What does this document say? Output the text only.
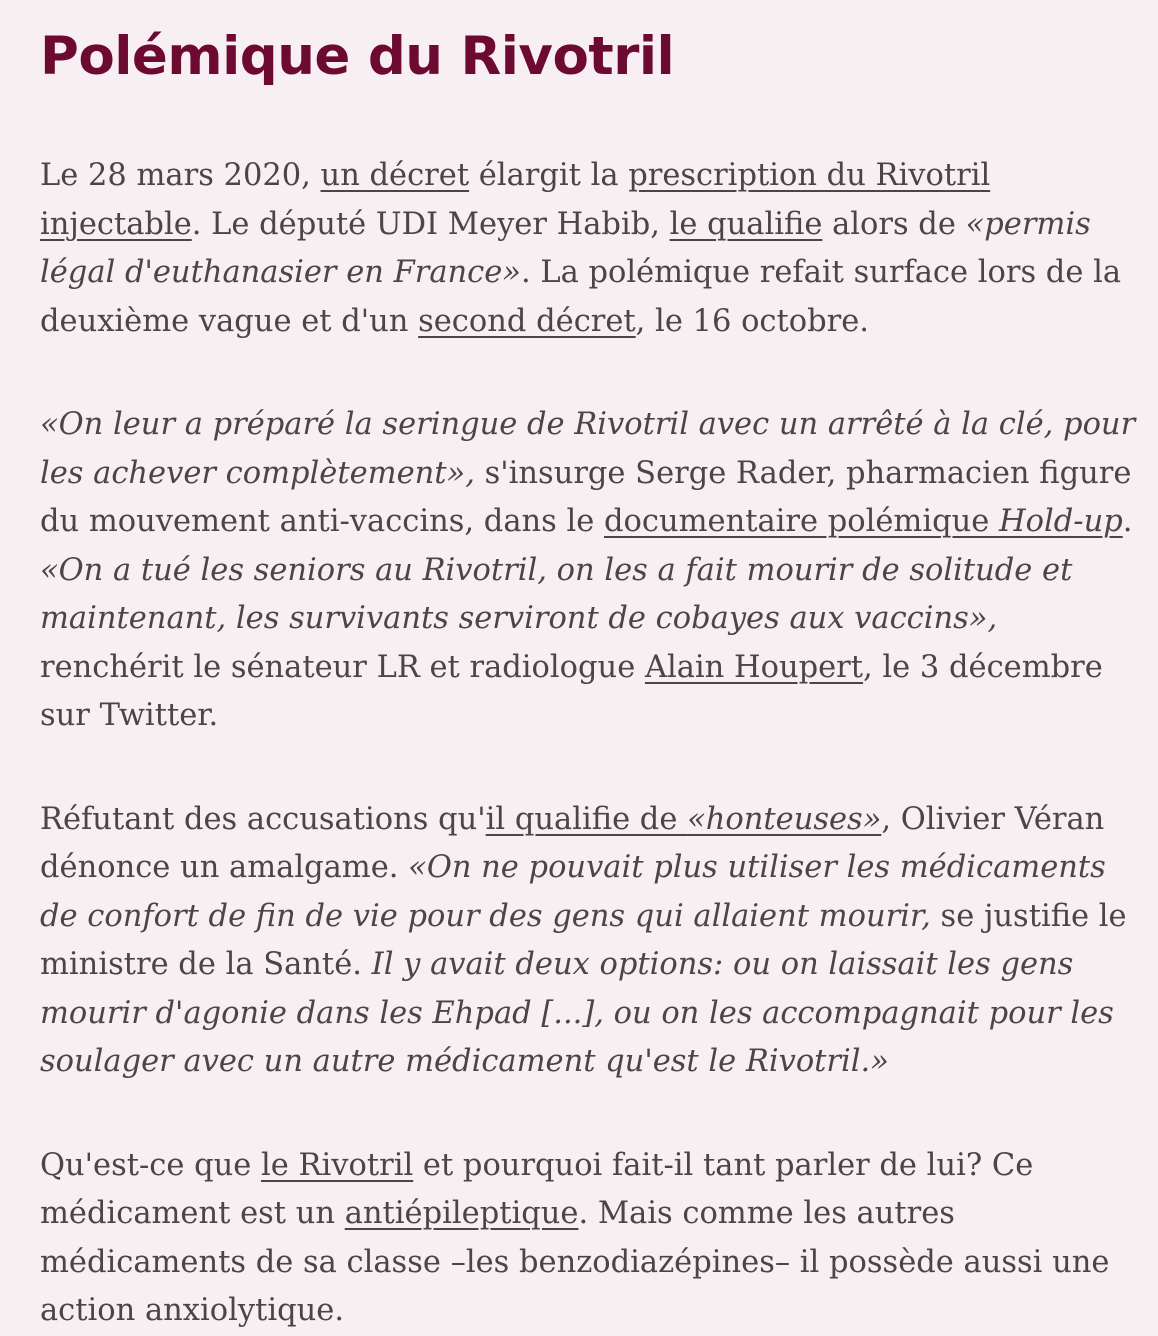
Polémique du Rivotril

Le 28 mars 2020, un décret élargit la prescription du Rivotril injectable. Le député UDI Meyer Habib, le qualifie alors de «permis légal d'euthanasier en France». La polémique refait surface lors de la deuxième vague et d'un second décret, le 16 octobre.

«On leur a préparé la seringue de Rivotril avec un arrêté à la clé, pour les achever complètement», s'insurge Serge Rader, pharmacien figure du mouvement anti-vaccins, dans le documentaire polémique Hold-up. «On a tué les seniors au Rivotril, on les a fait mourir de solitude et maintenant, les survivants serviront de cobayes aux vaccins», renchérit le sénateur LR et radiologue Alain Houpert, le 3 décembre sur Twitter.

Réfutant des accusations qu'il qualifie de «honteuses», Olivier Véran dénonce un amalgame. «On ne pouvait plus utiliser les médicaments de confort de fin de vie pour des gens qui allaient mourir, se justifie le ministre de la Santé. Il y avait deux options: ou on laissait les gens mourir d'agonie dans les Ehpad [...], ou on les accompagnait pour les soulager avec un autre médicament qu'est le Rivotril.»

Qu'est-ce que le Rivotril et pourquoi fait-il tant parler de lui? Ce médicament est un antiépileptique. Mais comme les autres médicaments de sa classe –les benzodiazépines– il possède aussi une action anxiolytique.
